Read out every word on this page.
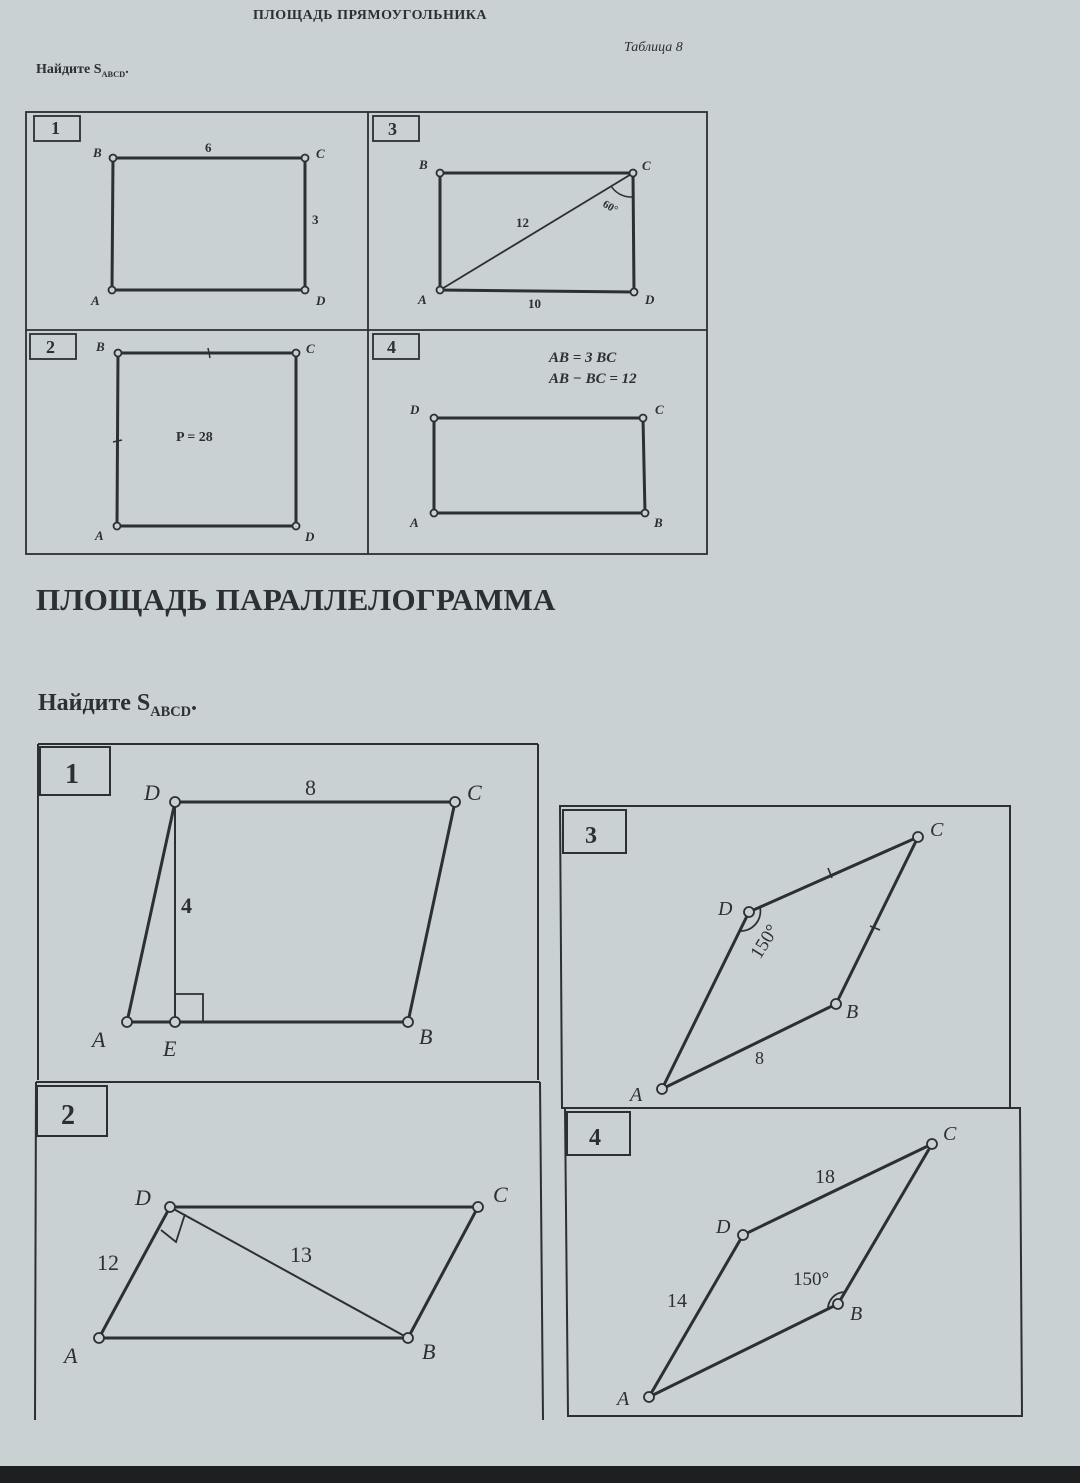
ПЛОЩАДЬ ПРЯМОУГОЛЬНИКА
Таблица 8
Найдите $S_{ABCD}$.
ПЛОЩАДЬ ПАРАЛЛЕЛОГРАММА
Найдите $S_{ABCD}$.
1	3
2	4
B	C
A	D
B	C
A	D
B	C
A	D
D	C
A	B
6
3
P = 28
12
10
60°
AB = 3 BC
AB − BC = 12
1
2
3
4
D	C
A	E	B
D	C
A	B
C
D
B
A
C
D
B
A
8
4
12	13
8
150°
18
14
150°
